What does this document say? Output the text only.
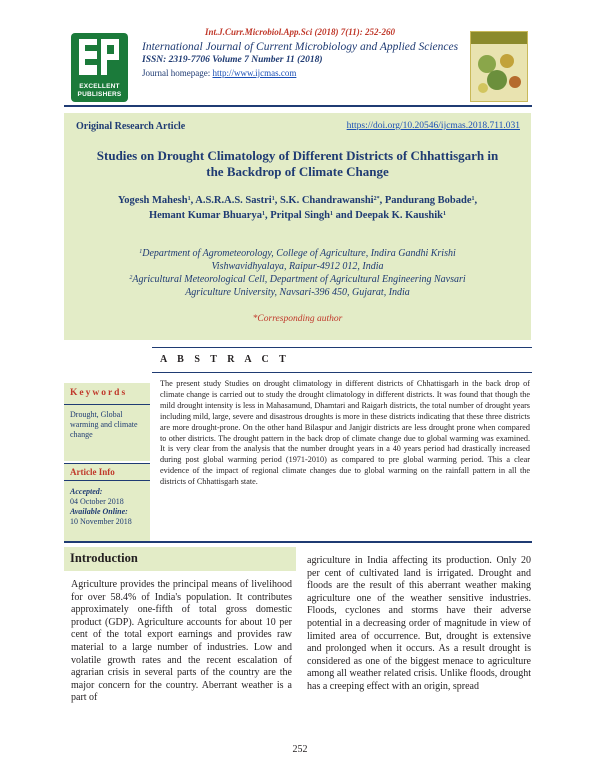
Int.J.Curr.Microbiol.App.Sci (2018) 7(11): 252-260
EXCELLENT
PUBLISHERS
International Journal of Current Microbiology and Applied Sciences
ISSN: 2319-7706 Volume 7 Number 11 (2018)
Journal homepage: http://www.ijcmas.com
Original Research Article	https://doi.org/10.20546/ijcmas.2018.711.031
Studies on Drought Climatology of Different Districts of Chhattisgarh in the Backdrop of Climate Change
Yogesh Mahesh$^1$, A.S.R.A.S. Sastri$^1$, S.K. Chandrawanshi$^{2*}$, Pandurang Bobade$^1$,
Hemant Kumar Bhuarya$^1$, Pritpal Singh$^1$ and Deepak K. Kaushik$^1$
$^1$Department of Agrometeorology, College of Agriculture, Indira Gandhi Krishi
Vishwavidhyalaya, Raipur-4912 012, India
$^2$Agricultural Meteorological Cell, Department of Agricultural Engineering Navsari
Agriculture University, Navsari-396 450, Gujarat, India
*Corresponding author
A B S T R A C T
Keywords
Drought, Global warming and climate change
Article Info
Accepted:
04 October 2018
Available Online:
10 November 2018
The present study Studies on drought climatology in different districts of Chhattisgarh in the back drop of climate change is carried out to study the drought climatology in different districts. It was found that though the mild drought intensity is less in Mahasamund, Dhamtari and Raigarh districts, the total number of drought years including mild, large, severe and disastrous droughts is more in these districts indicating that these three districts are more drought-prone. On the other hand Bilaspur and Janjgir districts are less drought prone when compared to other districts. The drought pattern in the back drop of climate change due to global warming was examined. It is very clear from the analysis that the number drought years in a 40 years period had drastically increased during post global warming period (1971-2010) as compared to pre global warming period. This a clear evidence of the impact of regional climate changes due to global warming on the rainfall pattern in all the districts of Chhattisgarh state.
Introduction
Agriculture provides the principal means of livelihood for over 58.4% of India's population. It contributes approximately one-fifth of total gross domestic product (GDP). Agriculture accounts for about 10 per cent of the total export earnings and provides raw material to a large number of industries. Low and volatile growth rates and the recent escalation of agrarian crisis in several parts of the country are the major concern for the country. Aberrant weather is a part of
agriculture in India affecting its production. Only 20 per cent of cultivated land is irrigated. Drought and floods are the result of this aberrant weather making agriculture one of the weather sensitive industries. Floods, cyclones and storms have their adverse potential in a decreasing order of magnitude in view of limited area of occurrence. But, drought is extensive and prolonged when it occurs. As a result drought is considered as one of the biggest menace to agriculture among all weather related crisis. Unlike floods, drought has a creeping effect with an origin, spread
252
